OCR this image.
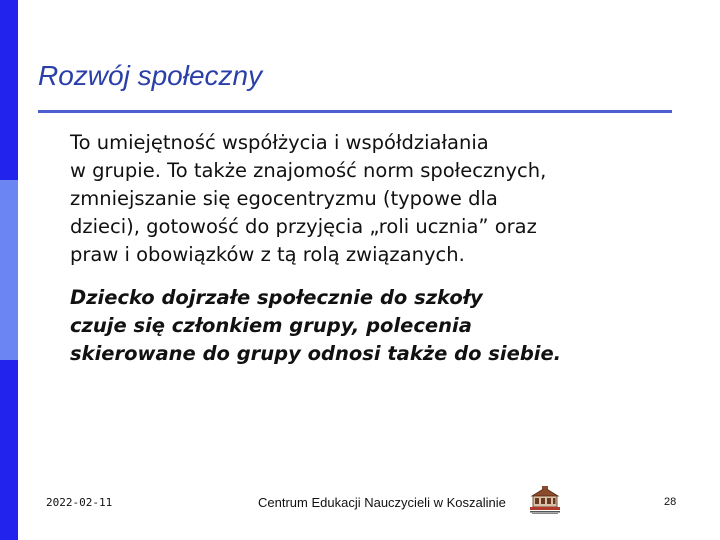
Rozwój społeczny
To umiejętność współżycia i współdziałania
w grupie. To także znajomość norm społecznych,
zmniejszanie się egocentryzmu (typowe dla
dzieci), gotowość do przyjęcia „roli ucznia” oraz
praw i obowiązków z tą rolą związanych.
Dziecko dojrzałe społecznie do szkoły
czuje się członkiem grupy, polecenia
skierowane do grupy odnosi także do siebie.
2022-02-11	Centrum Edukacji Nauczycieli w Koszalinie	28
